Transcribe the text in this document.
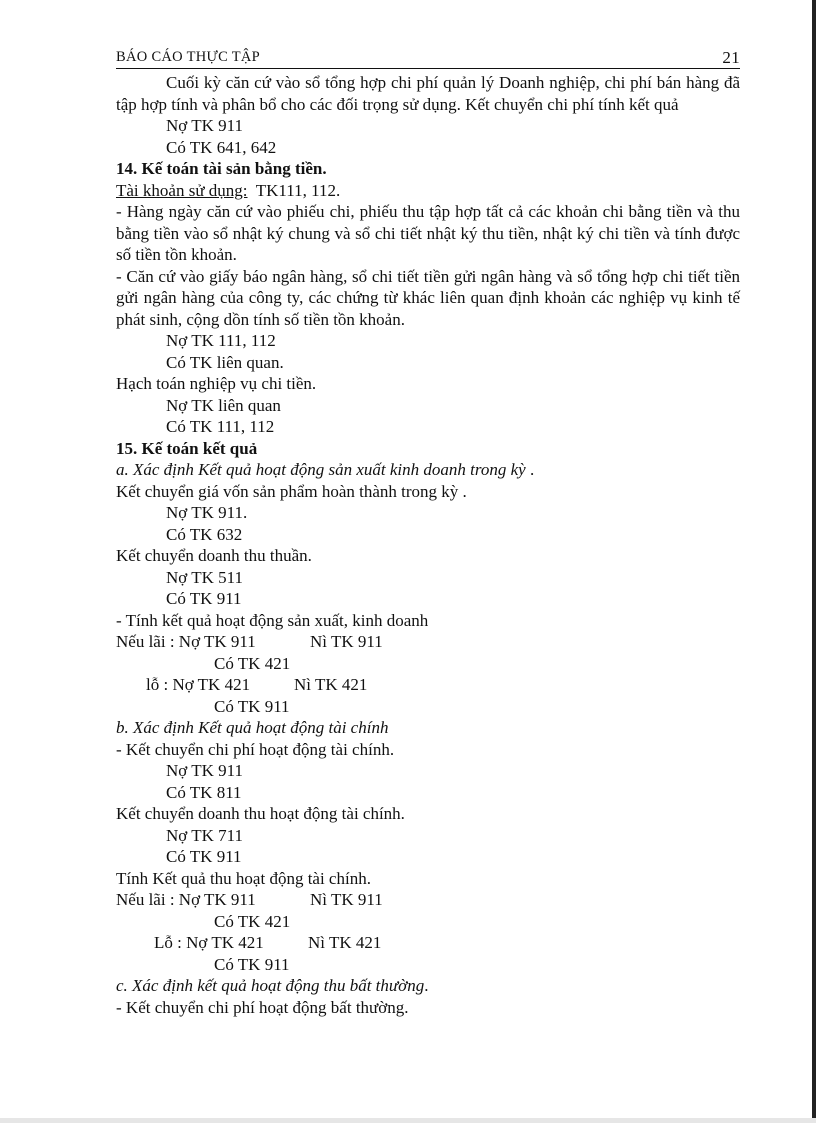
BÁO CÁO THỰC TẬP	21

Cuối kỳ căn cứ vào sổ tổng hợp chi phí quản lý Doanh nghiệp, chi phí bán hàng đã tập hợp tính và phân bổ cho các đối trọng sử dụng. Kết chuyển chi phí tính kết quả

Nợ TK 911

Có TK 641, 642

14. Kế toán tài sản bằng tiền.

Tài khoản sử dụng: TK111, 112.

- Hàng ngày căn cứ vào phiếu chi, phiếu thu tập hợp tất cả các khoản chi bằng tiền và thu bằng tiền vào sổ nhật ký chung và sổ chi tiết nhật ký thu tiền, nhật ký chi tiền và tính được số tiền tồn khoản.

- Căn cứ vào giấy báo ngân hàng, sổ chi tiết tiền gửi ngân hàng và sổ tổng hợp chi tiết tiền gửi ngân hàng của công ty, các chứng từ khác liên quan định khoản các nghiệp vụ kinh tế phát sinh, cộng dồn tính số tiền tồn khoản.

Nợ TK 111, 112

Có TK liên quan.

Hạch toán nghiệp vụ chi tiền.

Nợ TK liên quan

Có TK 111, 112

15. Kế toán kết quả

a. Xác định Kết quả hoạt động sản xuất kinh doanh trong kỳ .

Kết chuyển giá vốn sản phẩm hoàn thành trong kỳ .

Nợ TK 911.

Có TK 632

Kết chuyển doanh thu thuần.

Nợ TK 511

Có TK 911

- Tính kết quả hoạt động sản xuất, kinh doanh

Nếu lãi : Nợ TK 911	Nì TK 911

Có TK 421

lỗ : Nợ TK 421	Nì TK 421

Có TK 911

b. Xác định Kết quả hoạt động tài chính

- Kết chuyển chi phí hoạt động tài chính.

Nợ TK 911

Có TK 811

Kết chuyển doanh thu hoạt động tài chính.

Nợ TK 711

Có TK 911

Tính Kết quả thu hoạt động tài chính.

Nếu lãi : Nợ TK 911	Nì TK 911

Có TK 421

Lỗ : Nợ TK 421	Nì TK 421

Có TK 911

c. Xác định kết quả hoạt động thu bất thường.

- Kết chuyển chi phí hoạt động bất thường.
